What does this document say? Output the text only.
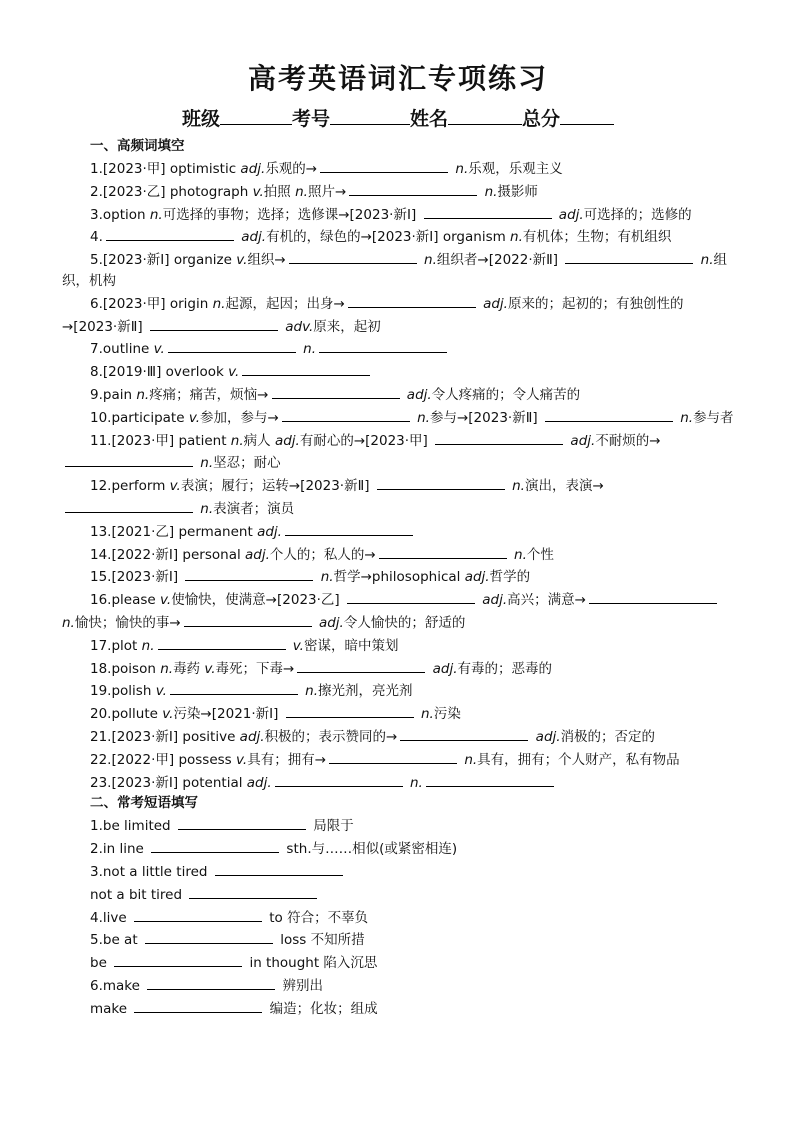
高考英语词汇专项练习
班级	考号	姓名	总分
一、高频词填空
1.[2023·甲] optimistic adj.乐观的→	n.乐观，乐观主义
2.[2023·乙] photograph v.拍照 n.照片→	n.摄影师
3.option n.可选择的事物；选择；选修课→[2023·新Ⅰ]	adj.可选择的；选修的
4.	adj.有机的，绿色的→[2023·新Ⅰ] organism n.有机体；生物；有机组织
5.[2023·新Ⅰ] organize v.组织→	n.组织者→[2022·新Ⅱ]	n.组织，机构
6.[2023·甲] origin n.起源，起因；出身→	adj.原来的；起初的；有独创性的→[2023·新Ⅱ]	adv.原来，起初
7.outline v.	n.
8.[2019·Ⅲ] overlook v.
9.pain n.疼痛；痛苦，烦恼→	adj.令人疼痛的；令人痛苦的
10.participate v.参加，参与→	n.参与→[2023·新Ⅱ]	n.参与者
11.[2023·甲] patient n.病人 adj.有耐心的→[2023·甲]	adj.不耐烦的→ n.坚忍；耐心
12.perform v.表演；履行；运转→[2023·新Ⅱ]	n.演出，表演→ n.表演者；演员
13.[2021·乙] permanent adj.
14.[2022·新Ⅰ] personal adj.个人的；私人的→	n.个性
15.[2023·新Ⅰ]	n.哲学→philosophical adj.哲学的
16.please v.使愉快，使满意→[2023·乙]	adj.高兴；满意→ n.愉快；愉快的事→	adj.令人愉快的；舒适的
17.plot n.	v.密谋，暗中策划
18.poison n.毒药 v.毒死；下毒→	adj.有毒的；恶毒的
19.polish v.	n.擦光剂，亮光剂
20.pollute v.污染→[2021·新Ⅰ]	n.污染
21.[2023·新Ⅰ] positive adj.积极的；表示赞同的→	adj.消极的；否定的
22.[2022·甲] possess v.具有；拥有→	n.具有，拥有；个人财产，私有物品
23.[2023·新Ⅰ] potential adj.	n.
二、常考短语填写
1.be limited	局限于
2.in line	sth.与……相似(或紧密相连)
3.not a little tired
not a bit tired
4.live	to 符合；不辜负
5.be at	loss 不知所措
be	in thought 陷入沉思
6.make	辨别出
make	编造；化妆；组成
